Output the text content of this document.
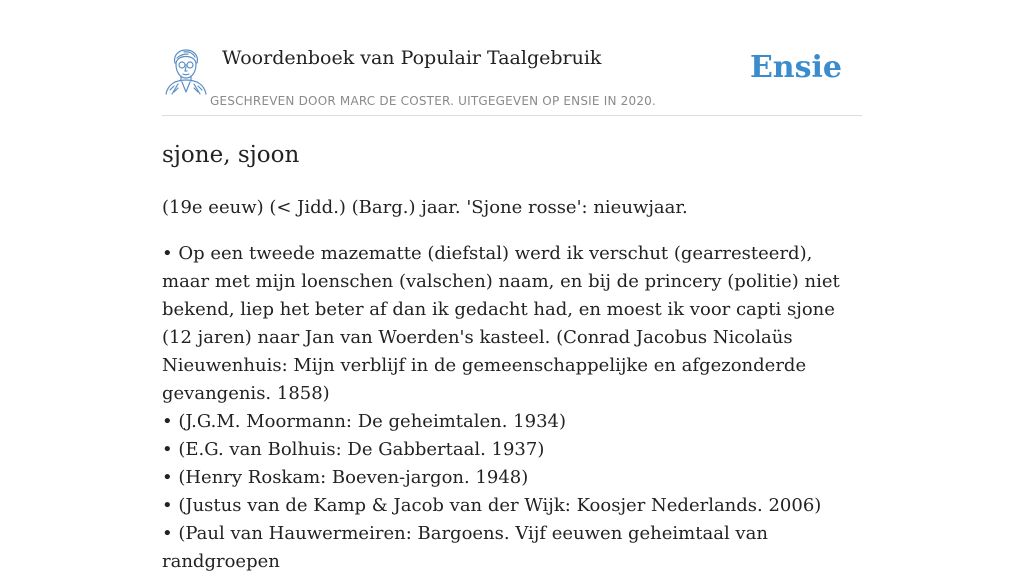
Woordenboek van Populair Taalgebruik
GESCHREVEN DOOR MARC DE COSTER. UITGEGEVEN OP ENSIE IN 2020.
Ensie
sjone, sjoon

(19e eeuw) (< Jidd.) (Barg.) jaar. 'Sjone rosse': nieuwjaar.

• Op een tweede mazematte (diefstal) werd ik verschut (gearresteerd), maar met mijn loenschen (valschen) naam, en bij de princery (politie) niet bekend, liep het beter af dan ik gedacht had, en moest ik voor capti sjone (12 jaren) naar Jan van Woerden's kasteel. (Conrad Jacobus Nicolaüs Nieuwenhuis: Mijn verblijf in de gemeenschappelijke en afgezonderde gevangenis. 1858)

• (J.G.M. Moormann: De geheimtalen. 1934)

• (E.G. van Bolhuis: De Gabbertaal. 1937)

• (Henry Roskam: Boeven-jargon. 1948)

• (Justus van de Kamp & Jacob van der Wijk: Koosjer Nederlands. 2006)

• (Paul van Hauwermeiren: Bargoens. Vijf eeuwen geheimtaal van randgroepen
